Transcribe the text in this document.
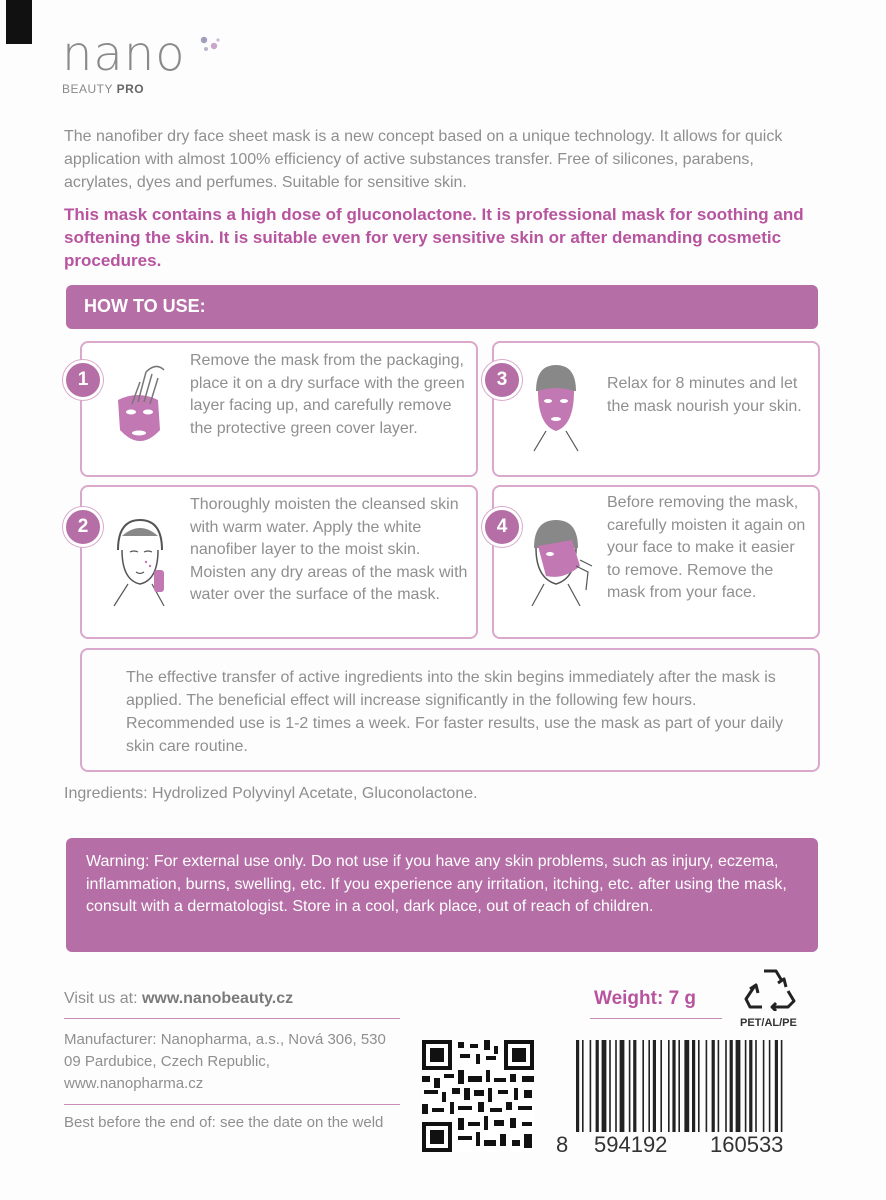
nano
BEAUTY PRO
The nanofiber dry face sheet mask is a new concept based on a unique technology. It allows for quick application with almost 100% efficiency of active substances transfer. Free of silicones, parabens, acrylates, dyes and perfumes. Suitable for sensitive skin.
This mask contains a high dose of gluconolactone. It is professional mask for soothing and softening the skin. It is suitable even for very sensitive skin or after demanding cosmetic procedures.
HOW TO USE:
1
Remove the mask from the packaging, place it on a dry surface with the green layer facing up, and carefully remove the protective green cover layer.
2
Thoroughly moisten the cleansed skin with warm water. Apply the white nanofiber layer to the moist skin. Moisten any dry areas of the mask with water over the surface of the mask.
3	Relax for 8 minutes and let the mask nourish your skin.
4
Before removing the mask, carefully moisten it again on your face to make it easier to remove. Remove the mask from your face.

The effective transfer of active ingredients into the skin begins immediately after the mask is applied. The beneficial effect will increase significantly in the following few hours. Recommended use is 1-2 times a week. For faster results, use the mask as part of your daily skin care routine.

Ingredients: Hydrolized Polyvinyl Acetate, Gluconolactone.

Warning: For external use only. Do not use if you have any skin problems, such as injury, eczema, inflammation, burns, swelling, etc. If you experience any irritation, itching, etc. after using the mask, consult with a dermatologist. Store in a cool, dark place, out of reach of children.

Visit us at: www.nanobeauty.cz	Weight: 7 g
PET/AL/PE
Manufacturer: Nanopharma, a.s., Nová 306, 530 09 Pardubice, Czech Republic, www.nanopharma.cz
Best before the end of: see the date on the weld
8 594192 160533
